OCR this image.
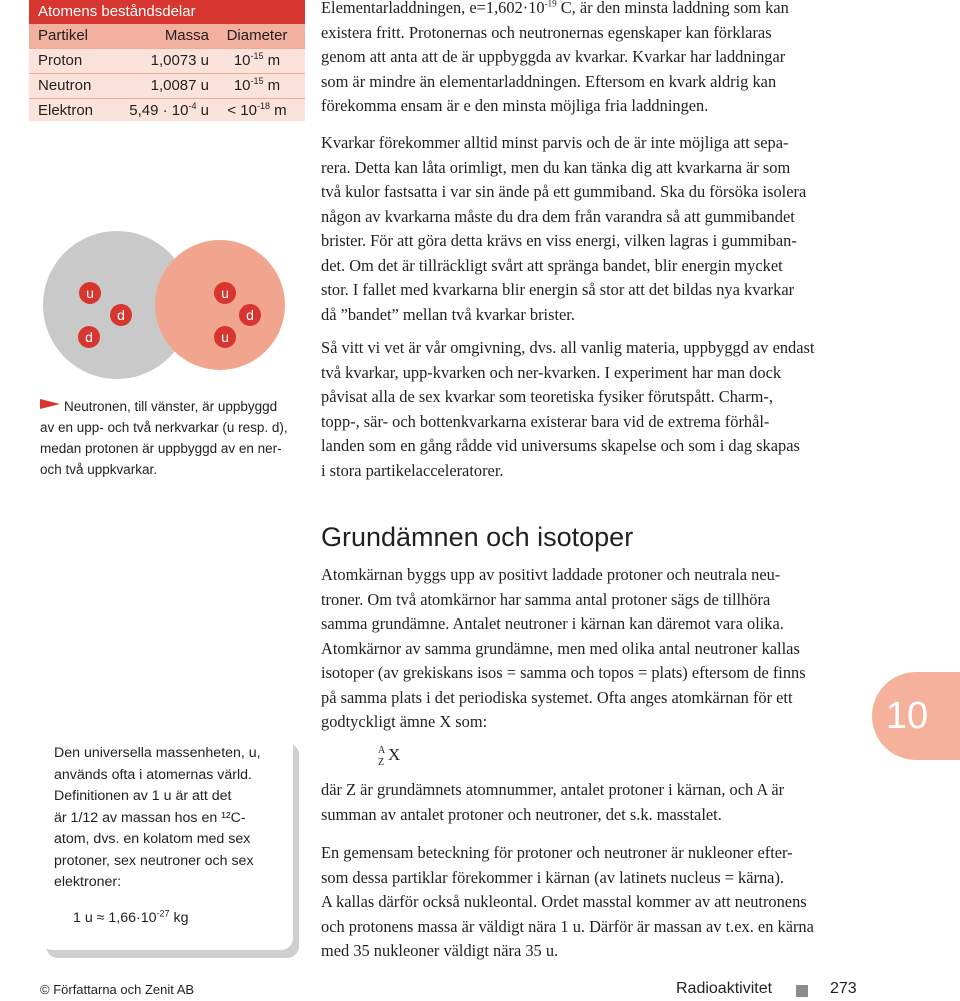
Atomens beståndsdelar
Partikel	Massa	Diameter
Proton	1,0073 u	$10^{-15}$ m
Neutron	1,0087 u	$10^{-15}$ m
Elektron	$5,49 \cdot 10^{-4}$ u	< $10^{-18}$ m
u
d
d
u
d
u
Neutronen, till vänster, är uppbyggd
av en upp- och två nerkvarkar (u resp. d),
medan protonen är uppbyggd av en ner-
och två uppkvarkar.
Elementarladdningen, $e=1,602\cdot 10^{-19}$ C, är den minsta laddning som kan
existera fritt. Protonernas och neutronernas egenskaper kan förklaras
genom att anta att de är uppbyggda av kvarkar. Kvarkar har laddningar
som är mindre än elementarladdningen. Eftersom en kvark aldrig kan
förekomma ensam är e den minsta möjliga fria laddningen.
Kvarkar förekommer alltid minst parvis och de är inte möjliga att sepa-
rera. Detta kan låta orimligt, men du kan tänka dig att kvarkarna är som
två kulor fastsatta i var sin ände på ett gummiband. Ska du försöka isolera
någon av kvarkarna måste du dra dem från varandra så att gummibandet
brister. För att göra detta krävs en viss energi, vilken lagras i gummiban-
det. Om det är tillräckligt svårt att spränga bandet, blir energin mycket
stor. I fallet med kvarkarna blir energin så stor att det bildas nya kvarkar
då ”bandet” mellan två kvarkar brister.
Så vitt vi vet är vår omgivning, dvs. all vanlig materia, uppbyggd av endast
två kvarkar, upp-kvarken och ner-kvarken. I experiment har man dock
påvisat alla de sex kvarkar som teoretiska fysiker förutspått. Charm-,
topp-, sär- och bottenkvarkarna existerar bara vid de extrema förhål-
landen som en gång rådde vid universums skapelse och som i dag skapas
i stora partikelacceleratorer.
Grundämnen och isotoper
Atomkärnan byggs upp av positivt laddade protoner och neutrala neu-
troner. Om två atomkärnor har samma antal protoner sägs de tillhöra
samma grundämne. Antalet neutroner i kärnan kan däremot vara olika.
Atomkärnor av samma grundämne, men med olika antal neutroner kallas
isotoper (av grekiskans isos = samma och topos = plats) eftersom de finns
på samma plats i det periodiska systemet. Ofta anges atomkärnan för ett
godtyckligt ämne X som:
A
Z X
där Z är grundämnets atomnummer, antalet protoner i kärnan, och A är
summan av antalet protoner och neutroner, det s.k. masstalet.
En gemensam beteckning för protoner och neutroner är nukleoner efter-
som dessa partiklar förekommer i kärnan (av latinets nucleus = kärna).
A kallas därför också nukleontal. Ordet masstal kommer av att neutronens
och protonens massa är väldigt nära 1 u. Därför är massan av t.ex. en kärna
med 35 nukleoner väldigt nära 35 u.
Den universella massenheten, u,
används ofta i atomernas värld.
Definitionen av 1 u är att det
är 1/12 av massan hos en ¹²C-
atom, dvs. en kolatom med sex
protoner, sex neutroner och sex
elektroner:
1 $u \approx 1,66\cdot 10^{-27}$ kg
10
© Författarna och Zenit AB	Radioaktivitet	273
